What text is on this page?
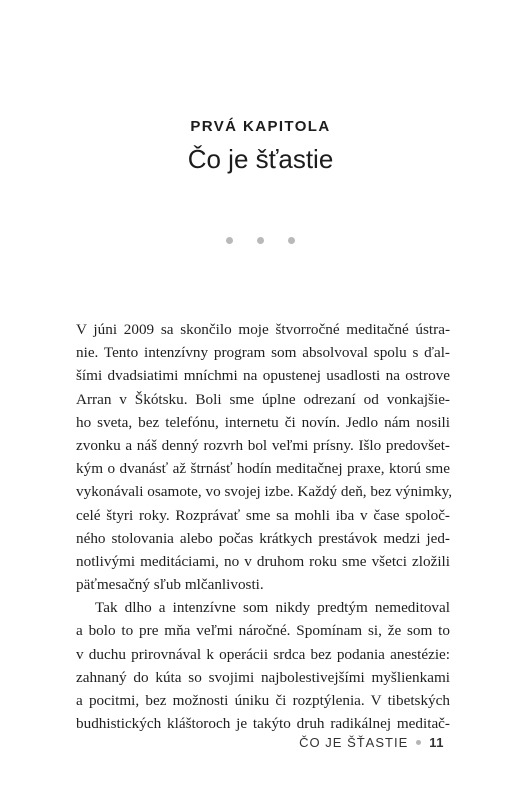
PRVÁ KAPITOLA
Čo je šťastie
V júni 2009 sa skončilo moje štvorročné meditačné ústra-
nie. Tento intenzívny program som absolvoval spolu s ďal-
šími dvadsiatimi mníchmi na opustenej usadlosti na ostrove
Arran v Škótsku. Boli sme úplne odrezaní od vonkajšie-
ho sveta, bez telefónu, internetu či novín. Jedlo nám nosili
zvonku a náš denný rozvrh bol veľmi prísny. Išlo predovšet-
kým o dvanásť až štrnásť hodín meditačnej praxe, ktorú sme
vykonávali osamote, vo svojej izbe. Každý deň, bez výnimky,
celé štyri roky. Rozprávať sme sa mohli iba v čase spoloč-
ného stolovania alebo počas krátkych prestávok medzi jed-
notlivými meditáciami, no v druhom roku sme všetci zložili
päťmesačný sľub mlčanlivosti.
Tak dlho a intenzívne som nikdy predtým nemeditoval
a bolo to pre mňa veľmi náročné. Spomínam si, že som to
v duchu prirovnával k operácii srdca bez podania anestézie:
zahnaný do kúta so svojimi najbolestivejšími myšlienkami
a pocitmi, bez možnosti úniku či rozptýlenia. V tibetských
budhistických kláštoroch je takýto druh radikálnej meditač-
ČO JE ŠŤASTIE 11
